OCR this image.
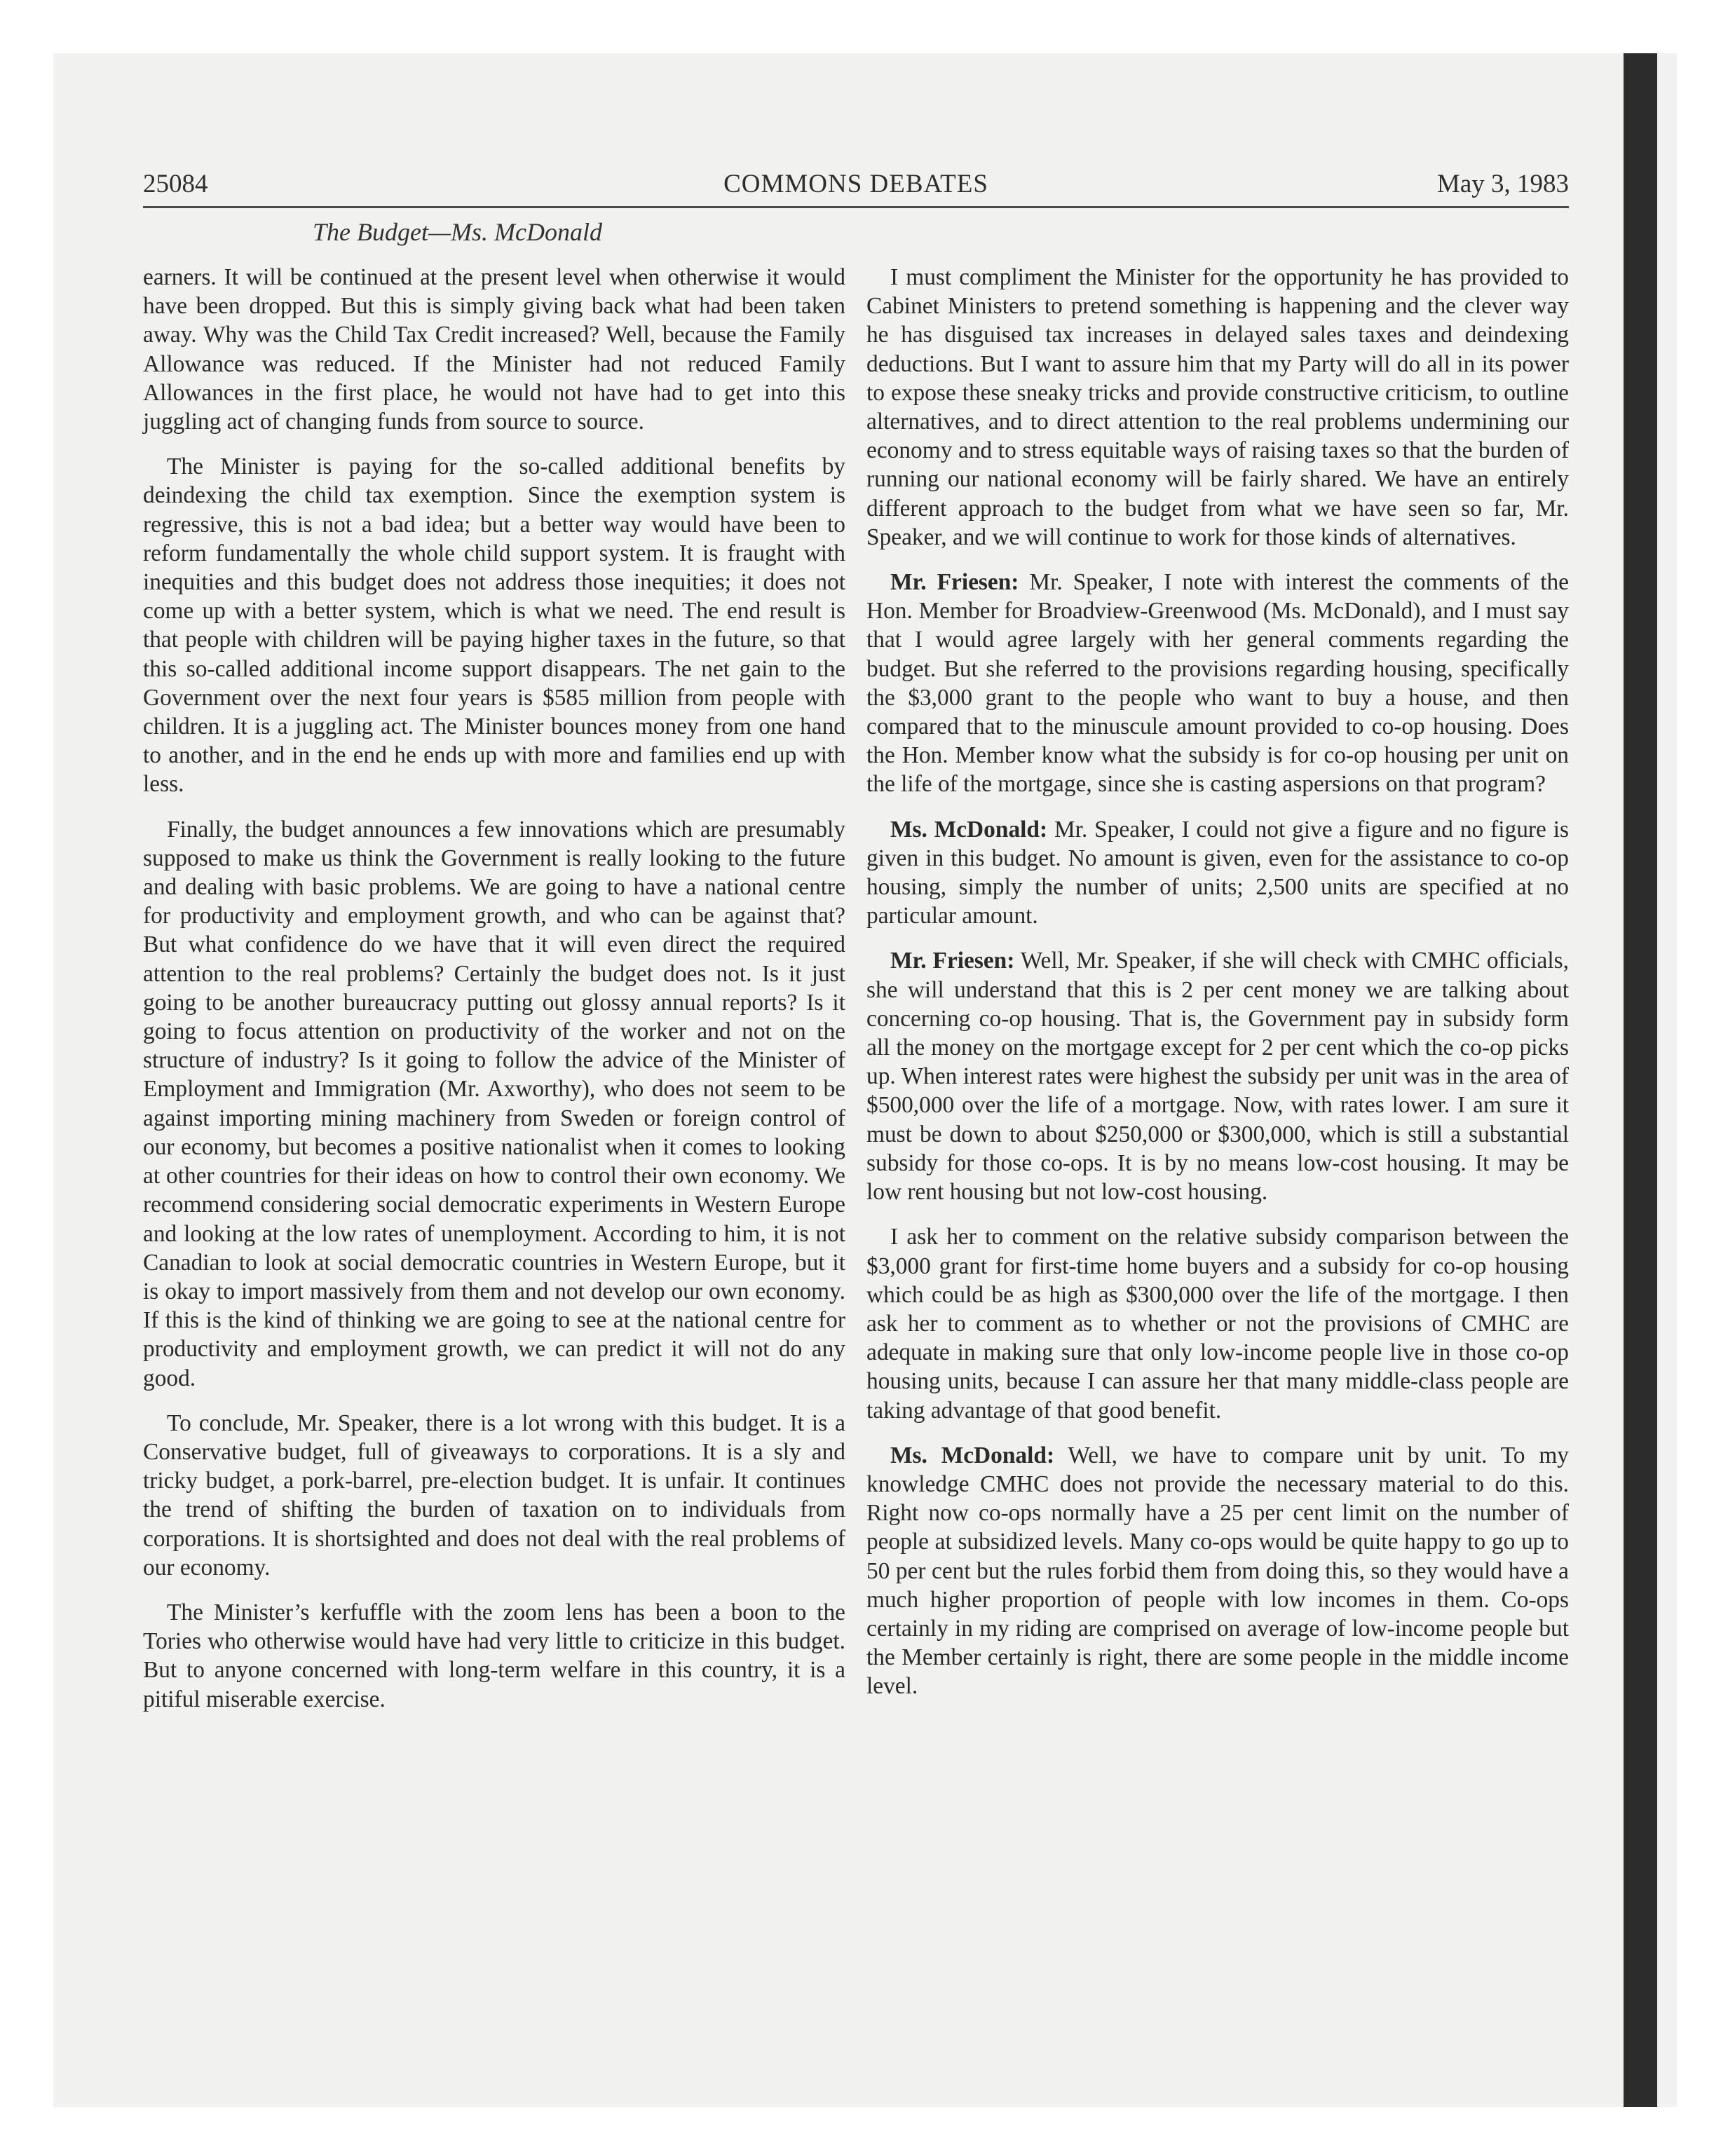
25084	COMMONS DEBATES	May 3, 1983
The Budget—Ms. McDonald

earners. It will be continued at the present level when otherwise it would have been dropped. But this is simply giving back what had been taken away. Why was the Child Tax Credit increased? Well, because the Family Allowance was reduced. If the Minister had not reduced Family Allowances in the first place, he would not have had to get into this juggling act of changing funds from source to source.

The Minister is paying for the so-called additional benefits by deindexing the child tax exemption. Since the exemption system is regressive, this is not a bad idea; but a better way would have been to reform fundamentally the whole child support system. It is fraught with inequities and this budget does not address those inequities; it does not come up with a better system, which is what we need. The end result is that people with children will be paying higher taxes in the future, so that this so-called additional income support disappears. The net gain to the Government over the next four years is $585 million from people with children. It is a juggling act. The Minister bounces money from one hand to another, and in the end he ends up with more and families end up with less.

Finally, the budget announces a few innovations which are presumably supposed to make us think the Government is really looking to the future and dealing with basic problems. We are going to have a national centre for productivity and employment growth, and who can be against that? But what confidence do we have that it will even direct the required attention to the real problems? Certainly the budget does not. Is it just going to be another bureaucracy putting out glossy annual reports? Is it going to focus attention on productivity of the worker and not on the structure of industry? Is it going to follow the advice of the Minister of Employment and Immigration (Mr. Axworthy), who does not seem to be against importing mining machinery from Sweden or foreign control of our economy, but becomes a positive nationalist when it comes to looking at other countries for their ideas on how to control their own economy. We recommend considering social democratic experiments in Western Europe and looking at the low rates of unemployment. According to him, it is not Canadian to look at social democratic countries in Western Europe, but it is okay to import massively from them and not develop our own economy. If this is the kind of thinking we are going to see at the national centre for productivity and employment growth, we can predict it will not do any good.

To conclude, Mr. Speaker, there is a lot wrong with this budget. It is a Conservative budget, full of giveaways to corporations. It is a sly and tricky budget, a pork-barrel, pre-election budget. It is unfair. It continues the trend of shifting the burden of taxation on to individuals from corporations. It is shortsighted and does not deal with the real problems of our economy.

The Minister’s kerfuffle with the zoom lens has been a boon to the Tories who otherwise would have had very little to criticize in this budget. But to anyone concerned with long-term welfare in this country, it is a pitiful miserable exercise.

I must compliment the Minister for the opportunity he has provided to Cabinet Ministers to pretend something is happening and the clever way he has disguised tax increases in delayed sales taxes and deindexing deductions. But I want to assure him that my Party will do all in its power to expose these sneaky tricks and provide constructive criticism, to outline alternatives, and to direct attention to the real problems undermining our economy and to stress equitable ways of raising taxes so that the burden of running our national economy will be fairly shared. We have an entirely different approach to the budget from what we have seen so far, Mr. Speaker, and we will continue to work for those kinds of alternatives.

Mr. Friesen: Mr. Speaker, I note with interest the comments of the Hon. Member for Broadview-Greenwood (Ms. McDonald), and I must say that I would agree largely with her general comments regarding the budget. But she referred to the provisions regarding housing, specifically the $3,000 grant to the people who want to buy a house, and then compared that to the minuscule amount provided to co-op housing. Does the Hon. Member know what the subsidy is for co-op housing per unit on the life of the mortgage, since she is casting aspersions on that program?

Ms. McDonald: Mr. Speaker, I could not give a figure and no figure is given in this budget. No amount is given, even for the assistance to co-op housing, simply the number of units; 2,500 units are specified at no particular amount.

Mr. Friesen: Well, Mr. Speaker, if she will check with CMHC officials, she will understand that this is 2 per cent money we are talking about concerning co-op housing. That is, the Government pay in subsidy form all the money on the mortgage except for 2 per cent which the co-op picks up. When interest rates were highest the subsidy per unit was in the area of $500,000 over the life of a mortgage. Now, with rates lower. I am sure it must be down to about $250,000 or $300,000, which is still a substantial subsidy for those co-ops. It is by no means low-cost housing. It may be low rent housing but not low-cost housing.

I ask her to comment on the relative subsidy comparison between the $3,000 grant for first-time home buyers and a subsidy for co-op housing which could be as high as $300,000 over the life of the mortgage. I then ask her to comment as to whether or not the provisions of CMHC are adequate in making sure that only low-income people live in those co-op housing units, because I can assure her that many middle-class people are taking advantage of that good benefit.

Ms. McDonald: Well, we have to compare unit by unit. To my knowledge CMHC does not provide the necessary material to do this. Right now co-ops normally have a 25 per cent limit on the number of people at subsidized levels. Many co-ops would be quite happy to go up to 50 per cent but the rules forbid them from doing this, so they would have a much higher proportion of people with low incomes in them. Co-ops certainly in my riding are comprised on average of low-income people but the Member certainly is right, there are some people in the middle income level.
